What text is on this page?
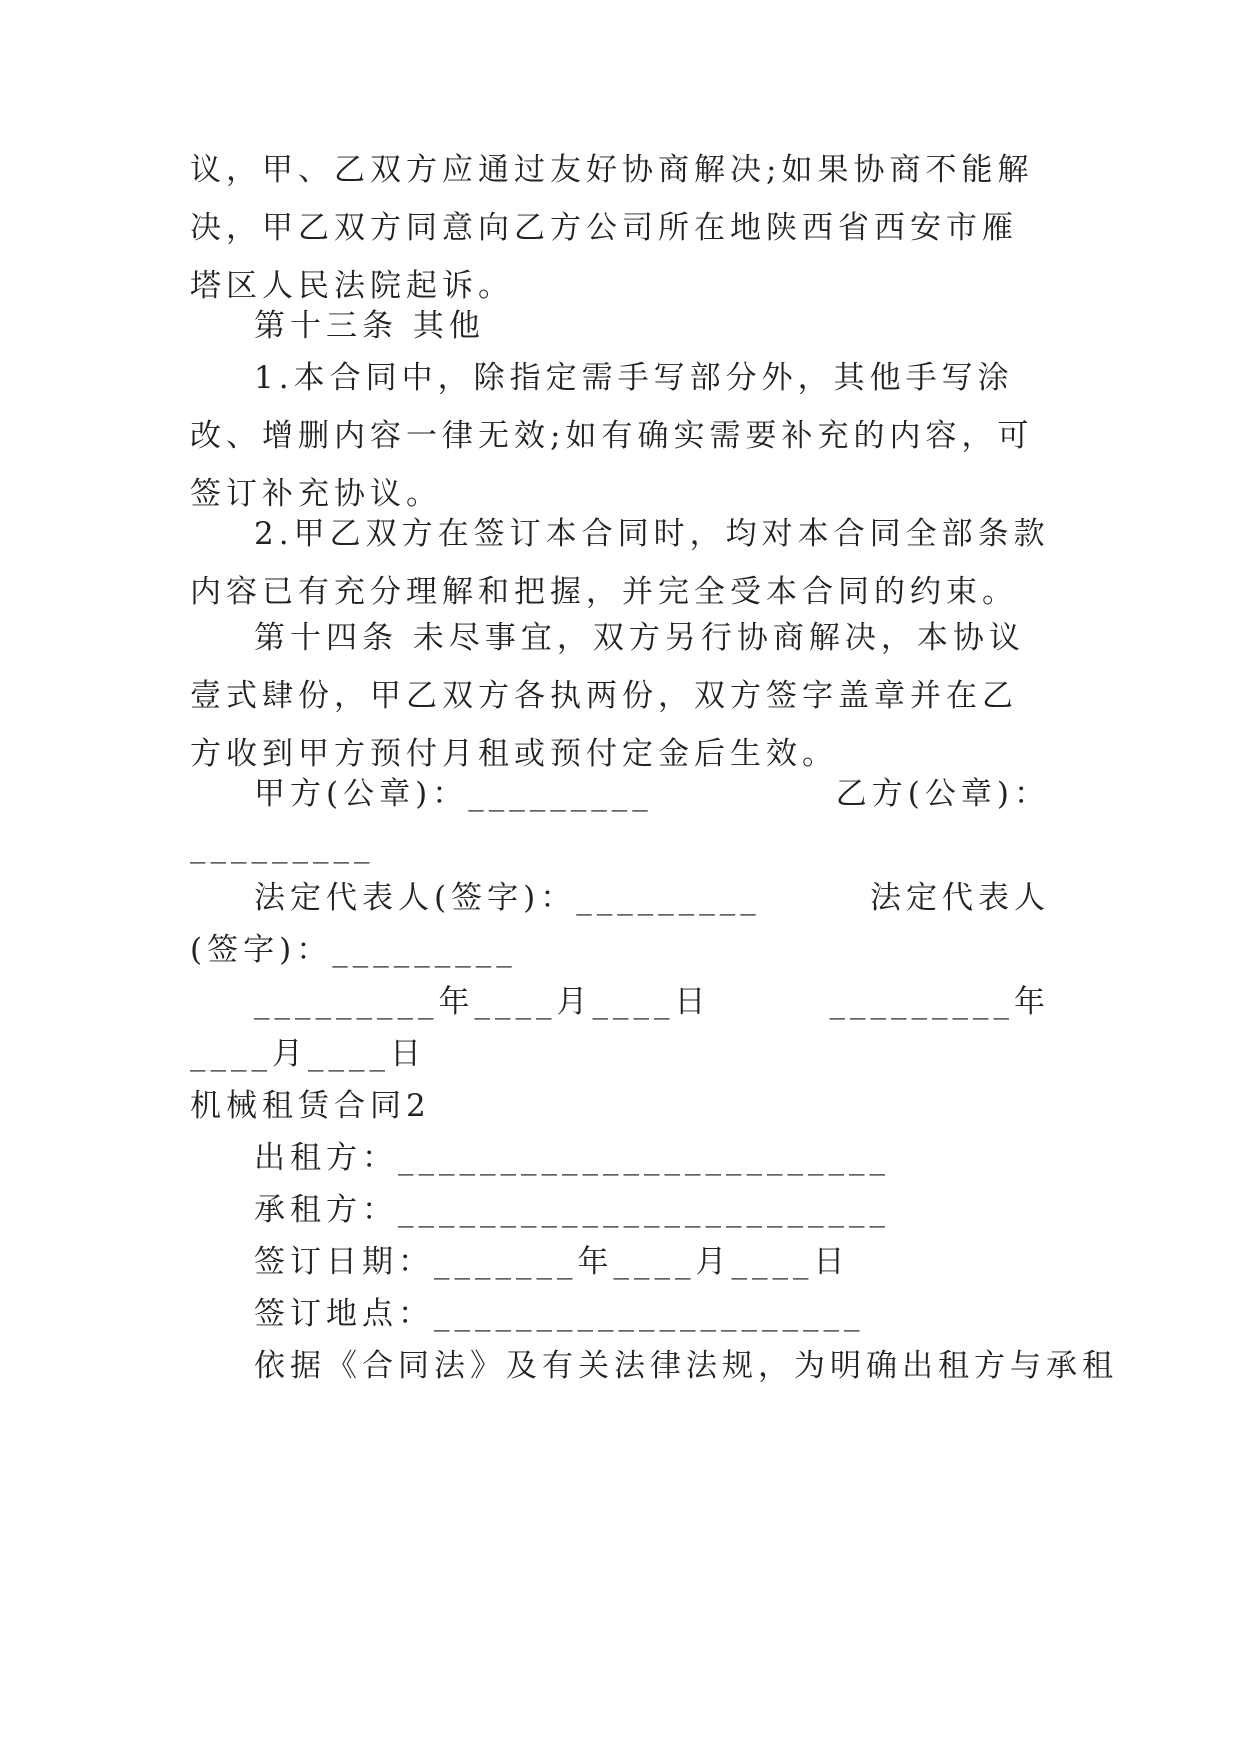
议，甲、乙双方应通过友好协商解决;如果协商不能解决，甲乙双方同意向乙方公司所在地陕西省西安市雁塔区人民法院起诉。
第十三条 其他
1.本合同中，除指定需手写部分外，其他手写涂改、增删内容一律无效;如有确实需要补充的内容，可签订补充协议。
2.甲乙双方在签订本合同时，均对本合同全部条款内容已有充分理解和把握，并完全受本合同的约束。
第十四条 未尽事宜，双方另行协商解决，本协议壹式肆份，甲乙双方各执两份，双方签字盖章并在乙方收到甲方预付月租或预付定金后生效。
甲方(公章)：_________	乙方(公章)：
_________
法定代表人(签字)：_________	法定代表人
(签字)：_________
_________年____月____日	_________年
____月____日
机械租赁合同2
出租方：________________________
承租方：________________________
签订日期：_______年____月____日
签订地点：_____________________
依据《合同法》及有关法律法规，为明确出租方与承租
